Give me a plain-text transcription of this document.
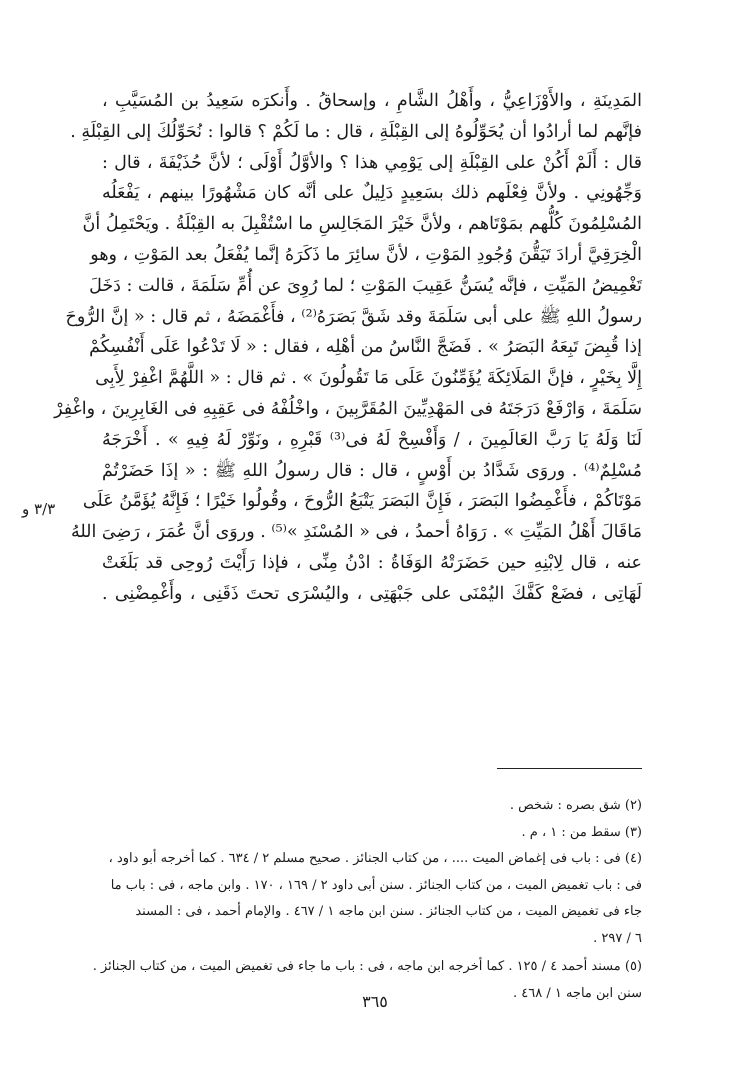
المَدِينَةِ ، والأَوْزَاعِيُّ ، وأَهْلُ الشَّامِ ، وإسحاقُ . وأَنكرَه سَعِيدُ بن المُسَيَّبِ ،
فإنَّهم لما أرادُوا أن يُحَوِّلُوهُ إلى القِبْلَةِ ، قال : ما لَكُمْ ؟ قالوا : نُحَوِّلُكَ إلى القِبْلَةِ .
قال : أَلَمْ أَكُنْ على القِبْلَةِ إلى يَوْمِي هذا ؟ والأوَّلُ أَوْلَى ؛ لأنَّ حُذَيْفَةَ ، قال :
وَجِّهُونِي . ولأنَّ فِعْلَهم ذلك بسَعِيدٍ دَلِيلٌ على أنَّه كان مَشْهُورًا بينهم ، يَفْعَلُه
المُسْلِمُونَ كُلُّهم بمَوْتَاهم ، ولأنَّ خَيْرَ المَجَالِسِ ما اسْتُقْبِلَ به القِبْلَةُ . ويَحْتَمِلُ أنَّ
الْخِرَقِيَّ أرادَ تَيَقُّنَ وُجُودِ المَوْتِ ، لأنَّ سائِرَ ما ذَكَرَهُ إنَّما يُفْعَلُ بعد المَوْتِ ، وهو
تَغْمِيضُ المَيِّتِ ، فإنَّه يُسَنُّ عَقِيبَ المَوْتِ ؛ لما رُوِىَ عن أُمِّ سَلَمَةَ ، قالت : دَخَلَ
رسولُ اللهِ ﷺ على أبى سَلَمَةَ وقد شَقَّ بَصَرَهُ⁽²⁾ ، فأَغْمَضَهُ ، ثم قال : « إنَّ الرُّوحَ
إذا قُبِضَ تَبِعَهُ البَصَرُ » . فَضَجَّ النَّاسُ من أهْلِه ، فقال : « لَا تَدْعُوا عَلَى أَنْفُسِكُمْ
إِلَّا بِخَيْرٍ ، فإنَّ المَلَائِكَةَ يُؤَمِّنُونَ عَلَى مَا تَقُولُونَ » . ثم قال : « اللَّهُمَّ اغْفِرْ لِأَبِى
سَلَمَةَ ، وَارْفَعْ دَرَجَتَهُ فى المَهْدِيِّينَ المُقَرَّبِينَ ، واخْلُفْهُ فى عَقِبِهِ فى الغَابِرِينَ ، واغْفِرْ
لَنَا وَلَهُ يَا رَبَّ العَالَمِينَ ، / وَأَفْسِحْ لَهُ فى⁽³⁾ قَبْرِهِ ، ونَوِّرْ لَهُ فِيهِ » . أَخْرَجَهُ
مُسْلِمٌ⁽⁴⁾ . وروَى شَدَّادُ بن أَوْسٍ ، قال : قال رسولُ اللهِ ﷺ : « إذَا حَضَرْتُمْ
مَوْتَاكُمْ ، فأَغْمِضُوا البَصَرَ ، فَإِنَّ البَصَرَ يَتْبَعُ الرُّوحَ ، وقُولُوا خَيْرًا ؛ فَإِنَّهُ يُؤَمَّنُ عَلَى
مَاقَالَ أَهْلُ المَيِّتِ » . رَوَاهُ أحمدُ ، فى « المُسْنَدِ »⁽⁵⁾ . وروَى أنَّ عُمَرَ ، رَضِىَ اللهُ
عنه ، قال لِابْنِهِ حين حَضَرَتْهُ الوَفَاةُ : ادْنُ مِنِّى ، فإذا رَأَيْتَ رُوحِى قد بَلَغَتْ
لَهَاتِى ، فضَعْ كَفَّكَ اليُمْنَى على جَبْهَتِى ، واليُسْرَى تحتَ ذَقَنِى ، وأَغْمِضْنِى .
٣/٣ و
(٢) شق بصره : شخص .
(٣) سقط من : ١ ، م .
(٤) فى : باب فى إغماض الميت .... ، من كتاب الجنائز . صحيح مسلم ٢ / ٦٣٤ . كما أخرجه أبو داود ،
فى : باب تغميض الميت ، من كتاب الجنائز . سنن أبى داود ٢ / ١٦٩ ، ١٧٠ . وابن ماجه ، فى : باب ما
جاء فى تغميض الميت ، من كتاب الجنائز . سنن ابن ماجه ١ / ٤٦٧ . والإمام أحمد ، فى : المسند
٦ / ٢٩٧ .
(٥) مسند أحمد ٤ / ١٢٥ . كما أخرجه ابن ماجه ، فى : باب ما جاء فى تغميض الميت ، من كتاب الجنائز .
سنن ابن ماجه ١ / ٤٦٨ .
٣٦٥
